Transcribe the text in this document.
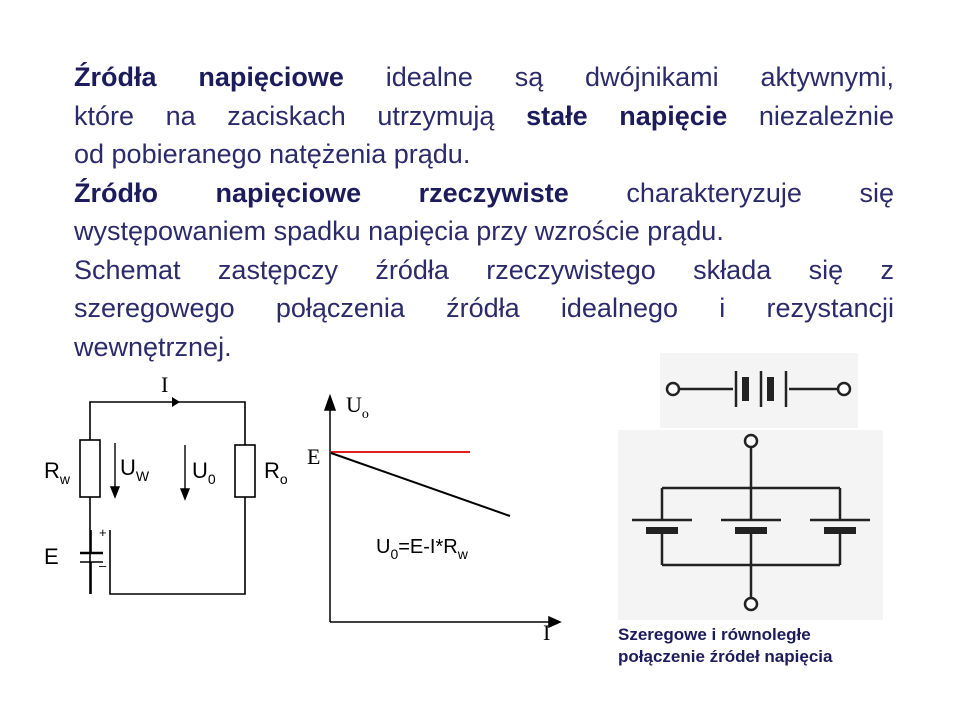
Źródła napięciowe idealne są dwójnikami aktywnymi,
które na zaciskach utrzymują stałe napięcie niezależnie
od pobieranego natężenia prądu.
Źródło napięciowe rzeczywiste charakteryzuje się
występowaniem spadku napięcia przy wzroście prądu.
Schemat zastępczy źródła rzeczywistego składa się z
szeregowego połączenia źródła idealnego i rezystancji
wewnętrznej.
I
$R_w$ $U_W$ $U_0$ $R_o$
E
+
–
$U_o$
E
I
$U_0=E-I*R_w$
Szeregowe i równoległe
połączenie źródeł napięcia
